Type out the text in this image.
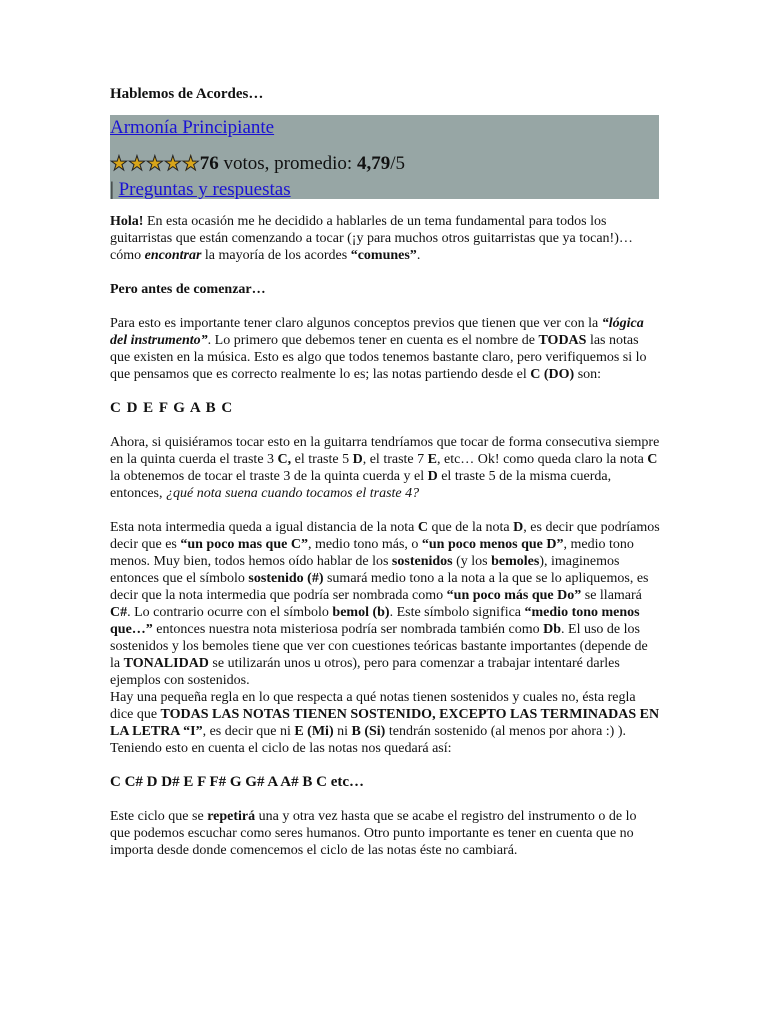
Hablemos de Acordes…
Armonía Principiante
★★★★★76 votos, promedio: 4,79/5
| Preguntas y respuestas

Hola! En esta ocasión me he decidido a hablarles de un tema fundamental para todos los guitarristas que están comenzando a tocar (¡y para muchos otros guitarristas que ya tocan!)… cómo encontrar la mayoría de los acordes “comunes”.

Pero antes de comenzar…

Para esto es importante tener claro algunos conceptos previos que tienen que ver con la “lógica del instrumento”. Lo primero que debemos tener en cuenta es el nombre de TODAS las notas que existen en la música. Esto es algo que todos tenemos bastante claro, pero verifiquemos si lo que pensamos que es correcto realmente lo es; las notas partiendo desde el C (DO) son:

C D E F G A B C

Ahora, si quisiéramos tocar esto en la guitarra tendríamos que tocar de forma consecutiva siempre en la quinta cuerda el traste 3 C, el traste 5 D, el traste 7 E, etc… Ok! como queda claro la nota C la obtenemos de tocar el traste 3 de la quinta cuerda y el D el traste 5 de la misma cuerda, entonces, ¿qué nota suena cuando tocamos el traste 4?

Esta nota intermedia queda a igual distancia de la nota C que de la nota D, es decir que podríamos decir que es “un poco mas que C”, medio tono más, o “un poco menos que D”, medio tono menos. Muy bien, todos hemos oído hablar de los sostenidos (y los bemoles), imaginemos entonces que el símbolo sostenido (#) sumará medio tono a la nota a la que se lo apliquemos, es decir que la nota intermedia que podría ser nombrada como “un poco más que Do” se llamará C#. Lo contrario ocurre con el símbolo bemol (b). Este símbolo significa “medio tono menos que…” entonces nuestra nota misteriosa podría ser nombrada también como Db. El uso de los sostenidos y los bemoles tiene que ver con cuestiones teóricas bastante importantes (depende de la TONALIDAD se utilizarán unos u otros), pero para comenzar a trabajar intentaré darles ejemplos con sostenidos.

Hay una pequeña regla en lo que respecta a qué notas tienen sostenidos y cuales no, ésta regla dice que TODAS LAS NOTAS TIENEN SOSTENIDO, EXCEPTO LAS TERMINADAS EN LA LETRA “I”, es decir que ni E (Mi) ni B (Si) tendrán sostenido (al menos por ahora :) ). Teniendo esto en cuenta el ciclo de las notas nos quedará así:

C C# D D# E F F# G G# A A# B C etc…

Este ciclo que se repetirá una y otra vez hasta que se acabe el registro del instrumento o de lo que podemos escuchar como seres humanos. Otro punto importante es tener en cuenta que no importa desde donde comencemos el ciclo de las notas éste no cambiará.
